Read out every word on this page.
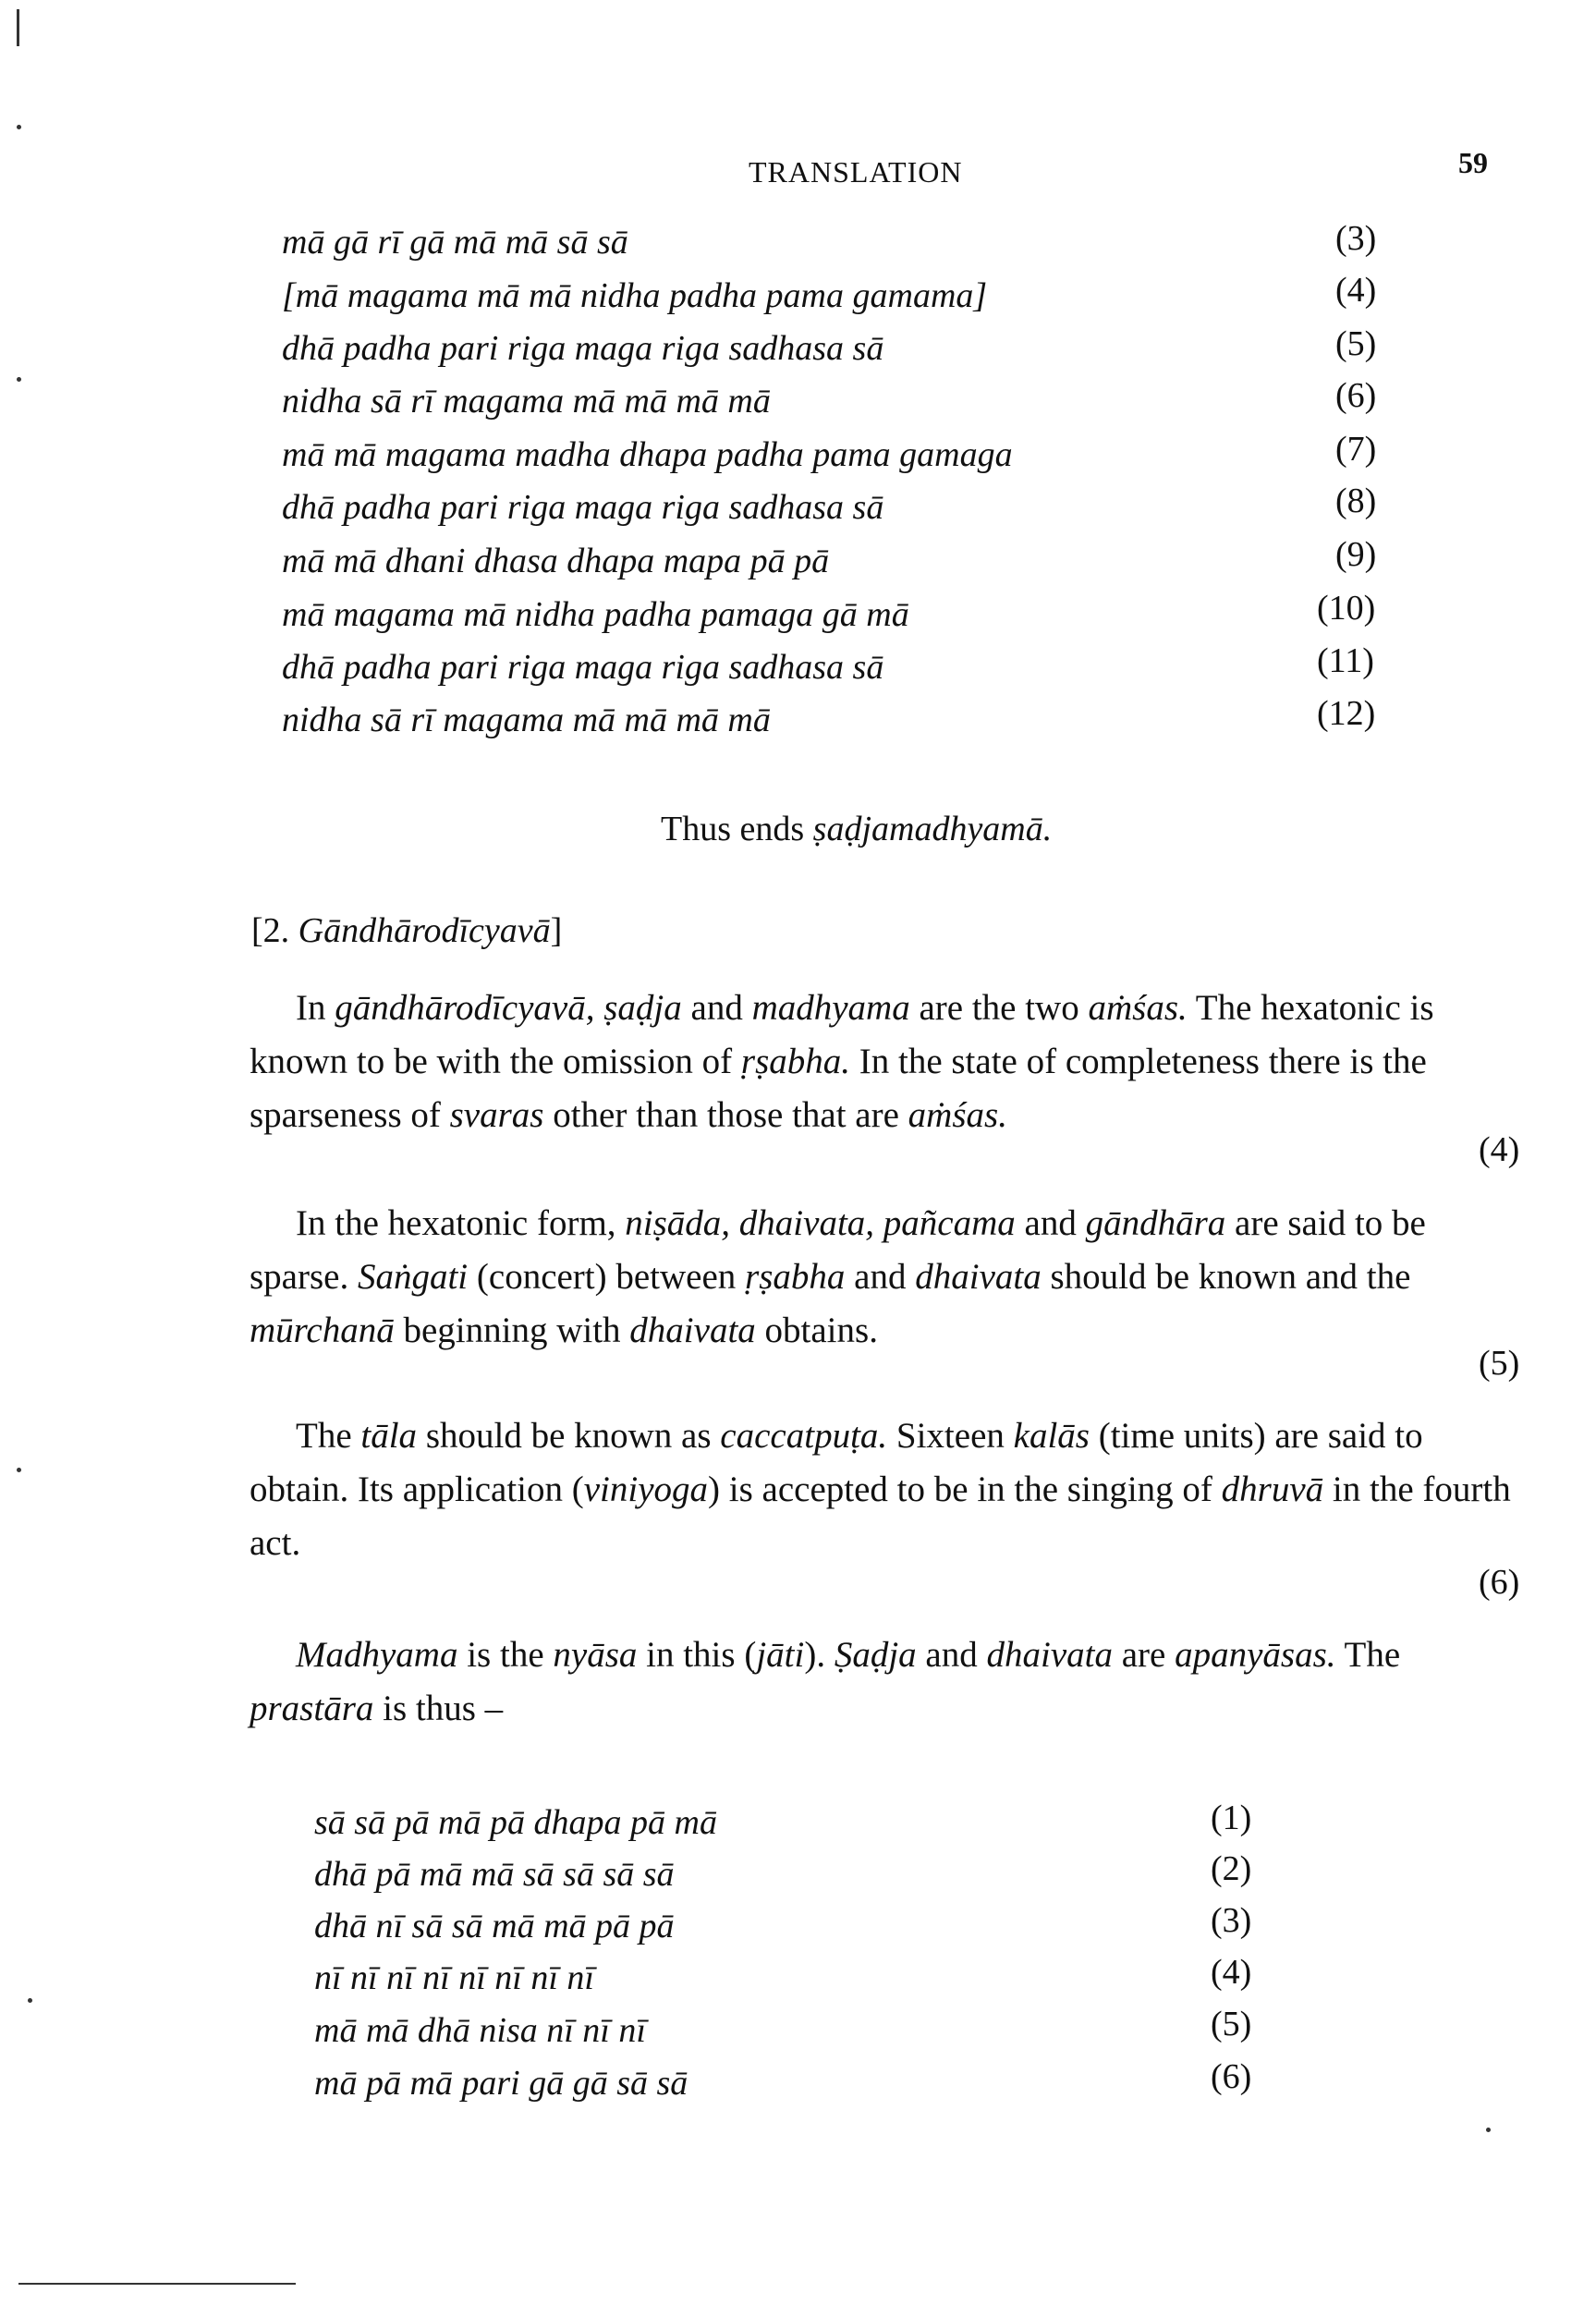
TRANSLATION	59
mā gā rī gā mā mā sā sā	(3)
[mā magama mā mā nidha padha pama gamama]	(4)
dhā padha pari riga maga riga sadhasa sā	(5)
nidha sā rī magama mā mā mā mā	(6)
mā mā magama madha dhapa padha pama gamaga	(7)
dhā padha pari riga maga riga sadhasa sā	(8)
mā mā dhani dhasa dhapa mapa pā pā	(9)
mā magama mā nidha padha pamaga gā mā	(10)
dhā padha pari riga maga riga sadhasa sā	(11)
nidha sā rī magama mā mā mā mā	(12)
Thus ends ṣaḍjamadhyamā.
[2. Gāndhārodīcyavā]
In gāndhārodīcyavā, ṣaḍja and madhyama are the two aṁśas. The hexatonic is known to be with the omission of ṛṣabha. In the state of completeness there is the sparseness of svaras other than those that are aṁśas.
(4)
In the hexatonic form, niṣāda, dhaivata, pañcama and gāndhāra are said to be sparse. Saṅgati (concert) between ṛṣabha and dhaivata should be known and the mūrchanā beginning with dhaivata obtains.
(5)
The tāla should be known as caccatpuṭa. Sixteen kalās (time units) are said to obtain. Its application (viniyoga) is accepted to be in the singing of dhruvā in the fourth act.
(6)
Madhyama is the nyāsa in this (jāti). Ṣaḍja and dhaivata are apanyāsas. The prastāra is thus –
sā sā pā mā pā dhapa pā mā	(1)
dhā pā mā mā sā sā sā sā	(2)
dhā nī sā sā mā mā pā pā	(3)
nī nī nī nī nī nī nī nī	(4)
mā mā dhā nisa nī nī nī	(5)
mā pā mā pari gā gā sā sā	(6)
